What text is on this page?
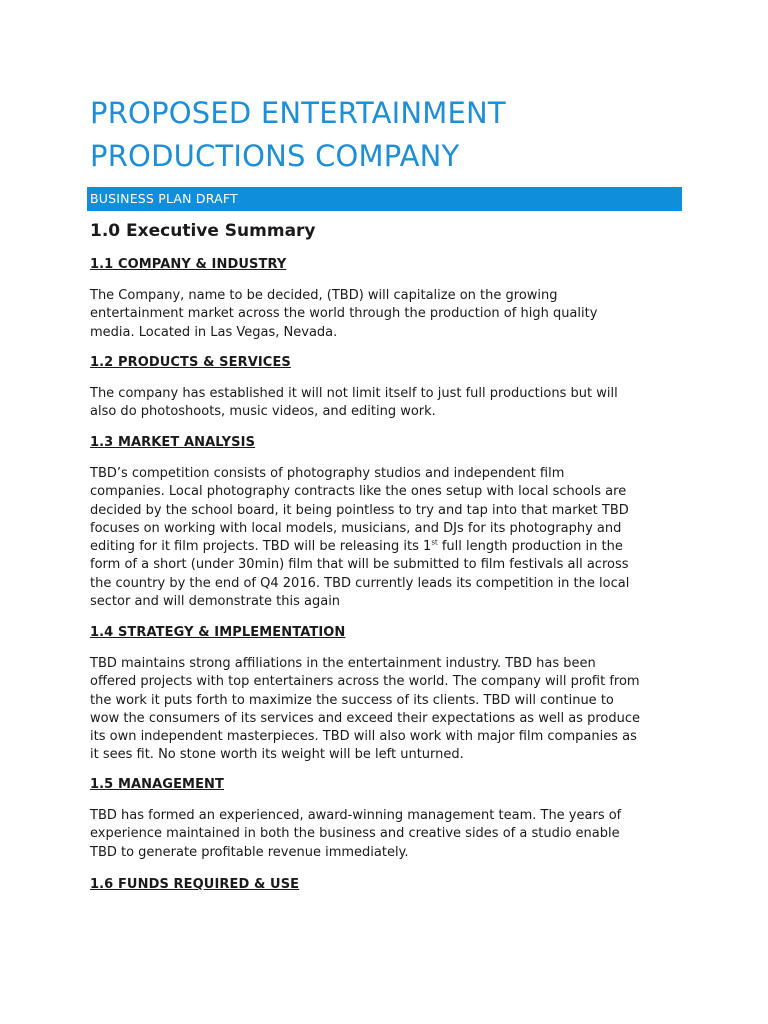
PROPOSED ENTERTAINMENT
PRODUCTIONS COMPANY
BUSINESS PLAN DRAFT
1.0 Executive Summary
1.1 COMPANY & INDUSTRY
The Company, name to be decided, (TBD) will capitalize on the growing
entertainment market across the world through the production of high quality
media. Located in Las Vegas, Nevada.
1.2 PRODUCTS & SERVICES
The company has established it will not limit itself to just full productions but will
also do photoshoots, music videos, and editing work.
1.3 MARKET ANALYSIS
TBD’s competition consists of photography studios and independent film
companies. Local photography contracts like the ones setup with local schools are
decided by the school board, it being pointless to try and tap into that market TBD
focuses on working with local models, musicians, and DJs for its photography and
editing for it film projects. TBD will be releasing its 1st full length production in the
form of a short (under 30min) film that will be submitted to film festivals all across
the country by the end of Q4 2016. TBD currently leads its competition in the local
sector and will demonstrate this again
1.4 STRATEGY & IMPLEMENTATION
TBD maintains strong affiliations in the entertainment industry. TBD has been
offered projects with top entertainers across the world. The company will profit from
the work it puts forth to maximize the success of its clients. TBD will continue to
wow the consumers of its services and exceed their expectations as well as produce
its own independent masterpieces. TBD will also work with major film companies as
it sees fit. No stone worth its weight will be left unturned.
1.5 MANAGEMENT
TBD has formed an experienced, award-winning management team. The years of
experience maintained in both the business and creative sides of a studio enable
TBD to generate profitable revenue immediately.
1.6 FUNDS REQUIRED & USE
